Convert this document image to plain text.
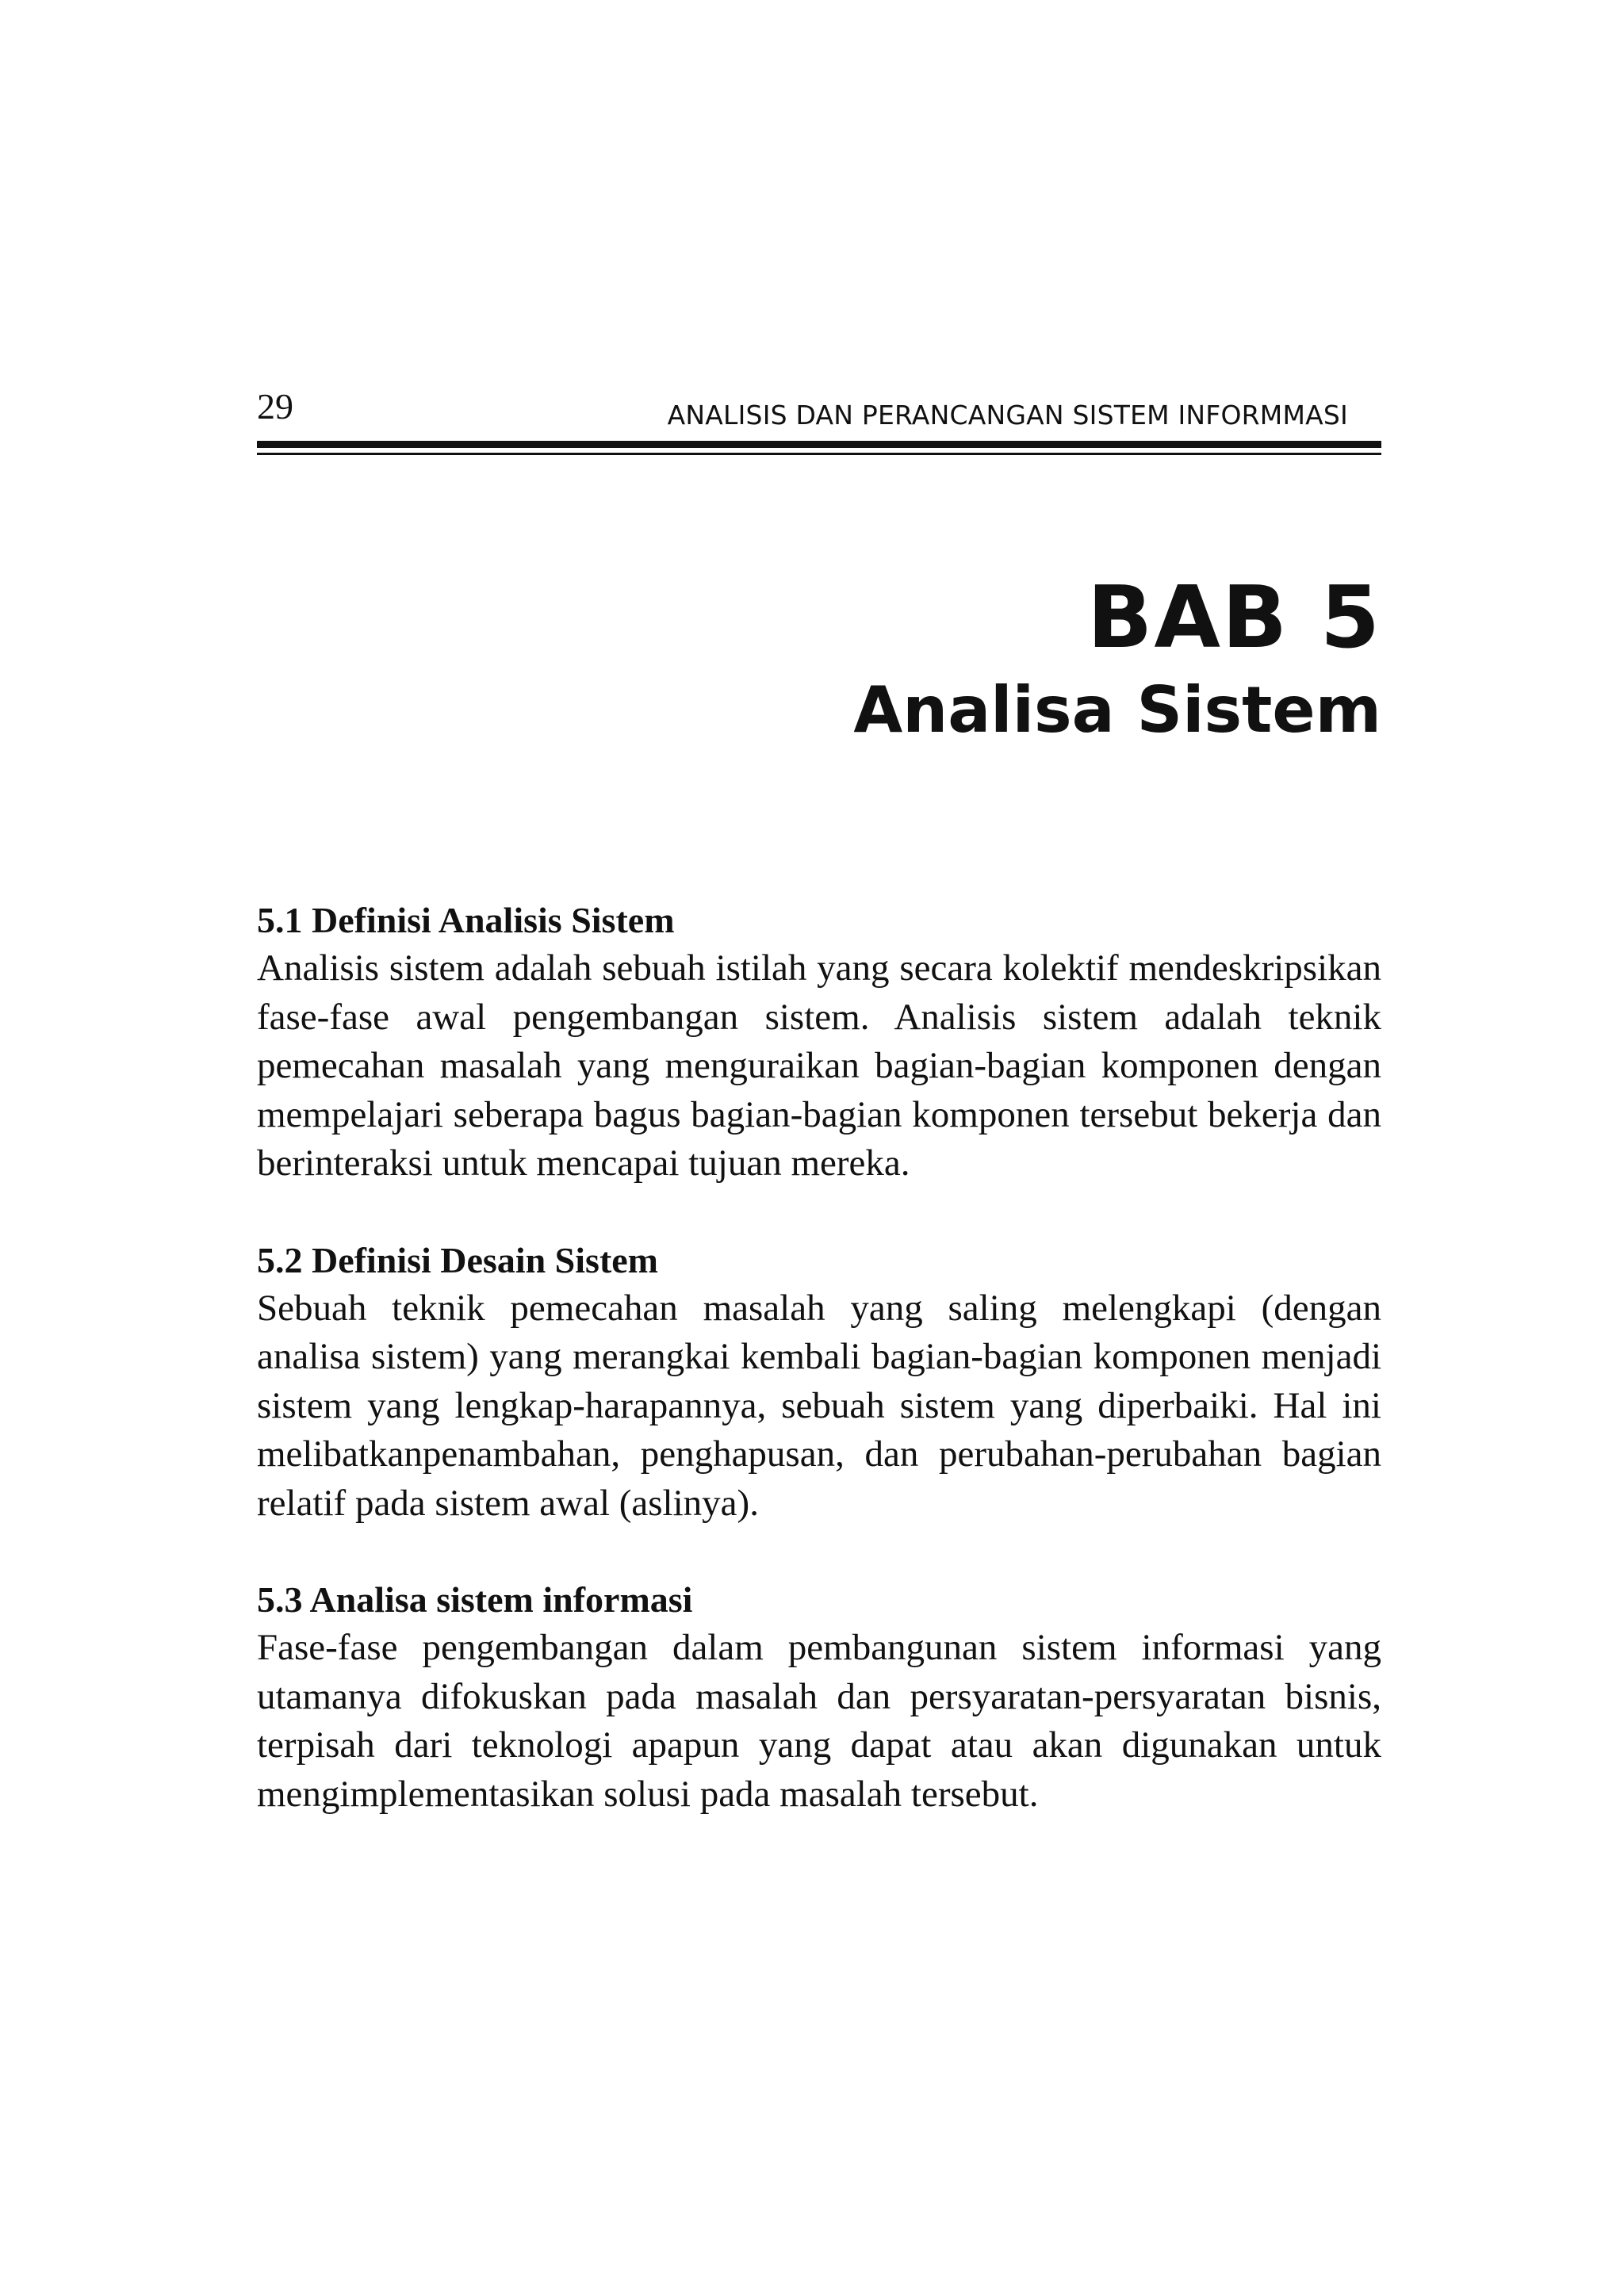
29	ANALISIS DAN PERANCANGAN SISTEM INFORMMASI
BAB 5
Analisa Sistem
5.1 Definisi Analisis Sistem

Analisis sistem adalah sebuah istilah yang secara kolektif mendeskripsikan fase-fase awal pengembangan sistem. Analisis sistem adalah teknik pemecahan masalah yang menguraikan bagian-bagian komponen dengan mempelajari seberapa bagus bagian-bagian komponen tersebut bekerja dan berinteraksi untuk mencapai tujuan mereka.

5.2 Definisi Desain Sistem

Sebuah teknik pemecahan masalah yang saling melengkapi (dengan analisa sistem) yang merangkai kembali bagian-bagian komponen menjadi sistem yang lengkap-harapannya, sebuah sistem yang diperbaiki. Hal ini melibatkanpenambahan, penghapusan, dan perubahan-perubahan bagian relatif pada sistem awal (aslinya).

5.3 Analisa sistem informasi

Fase-fase pengembangan dalam pembangunan sistem informasi yang utamanya difokuskan pada masalah dan persyaratan-persyaratan bisnis, terpisah dari teknologi apapun yang dapat atau akan digunakan untuk mengimplementasikan solusi pada masalah tersebut.
